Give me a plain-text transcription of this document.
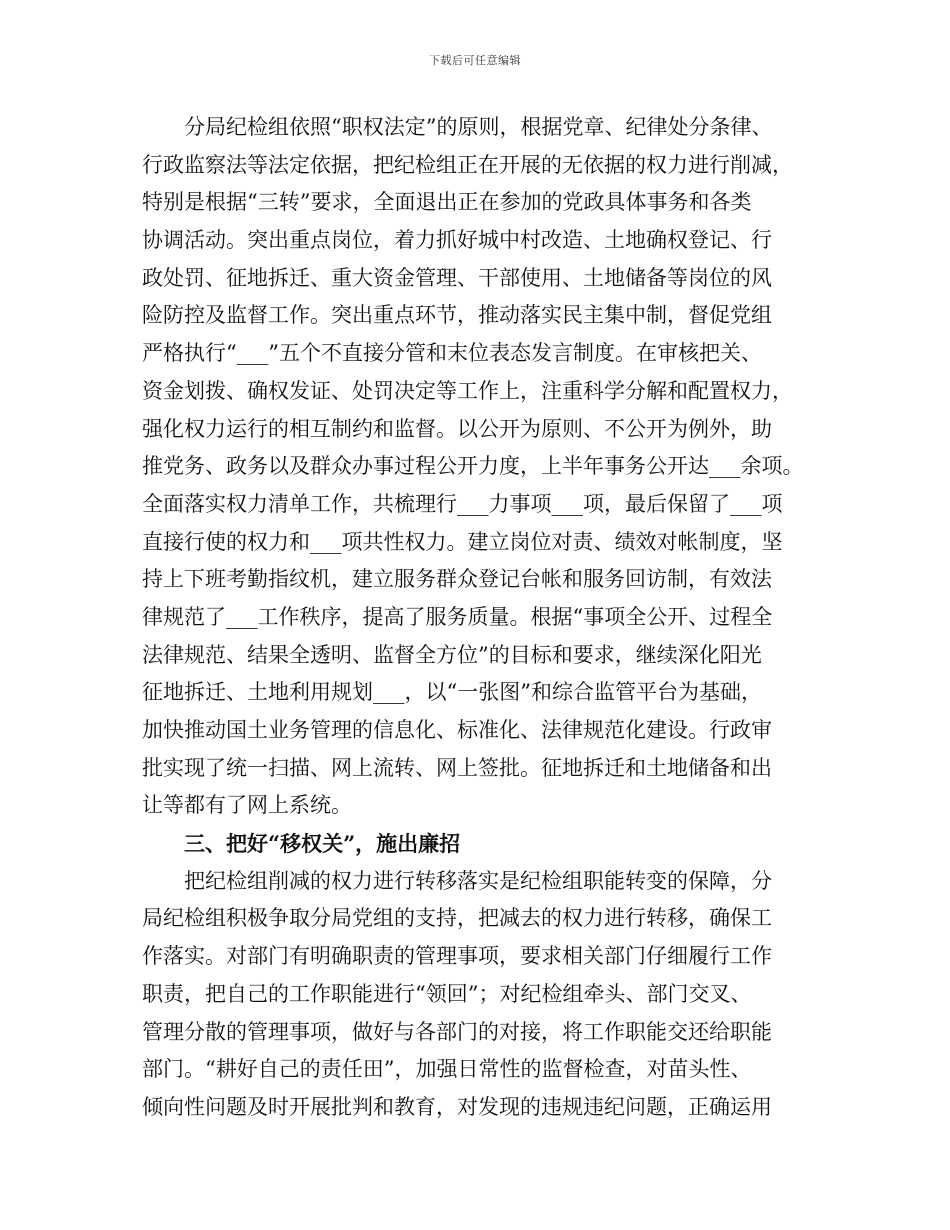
下载后可任意编辑
　　分局纪检组依照“职权法定”的原则，根据党章、纪律处分条律、
行政监察法等法定依据，把纪检组正在开展的无依据的权力进行削减，
特别是根据“三转”要求，全面退出正在参加的党政具体事务和各类
协调活动。突出重点岗位，着力抓好城中村改造、土地确权登记、行
政处罚、征地拆迁、重大资金管理、干部使用、土地储备等岗位的风
险防控及监督工作。突出重点环节，推动落实民主集中制，督促党组
严格执行“___”五个不直接分管和末位表态发言制度。在审核把关、
资金划拨、确权发证、处罚决定等工作上，注重科学分解和配置权力，
强化权力运行的相互制约和监督。以公开为原则、不公开为例外，助
推党务、政务以及群众办事过程公开力度，上半年事务公开达___余项。
全面落实权力清单工作，共梳理行___力事项___项，最后保留了___项
直接行使的权力和___项共性权力。建立岗位对责、绩效对帐制度，坚
持上下班考勤指纹机，建立服务群众登记台帐和服务回访制，有效法
律规范了___工作秩序，提高了服务质量。根据“事项全公开、过程全
法律规范、结果全透明、监督全方位”的目标和要求，继续深化阳光
征地拆迁、土地利用规划___，以“一张图”和综合监管平台为基础，
加快推动国土业务管理的信息化、标准化、法律规范化建设。行政审
批实现了统一扫描、网上流转、网上签批。征地拆迁和土地储备和出
让等都有了网上系统。
　　三、把好“移权关”，施出廉招
　　把纪检组削减的权力进行转移落实是纪检组职能转变的保障，分
局纪检组积极争取分局党组的支持，把减去的权力进行转移，确保工
作落实。对部门有明确职责的管理事项，要求相关部门仔细履行工作
职责，把自己的工作职能进行“领回”；对纪检组牵头、部门交叉、
管理分散的管理事项，做好与各部门的对接，将工作职能交还给职能
部门。“耕好自己的责任田”，加强日常性的监督检查，对苗头性、
倾向性问题及时开展批判和教育，对发现的违规违纪问题，正确运用
